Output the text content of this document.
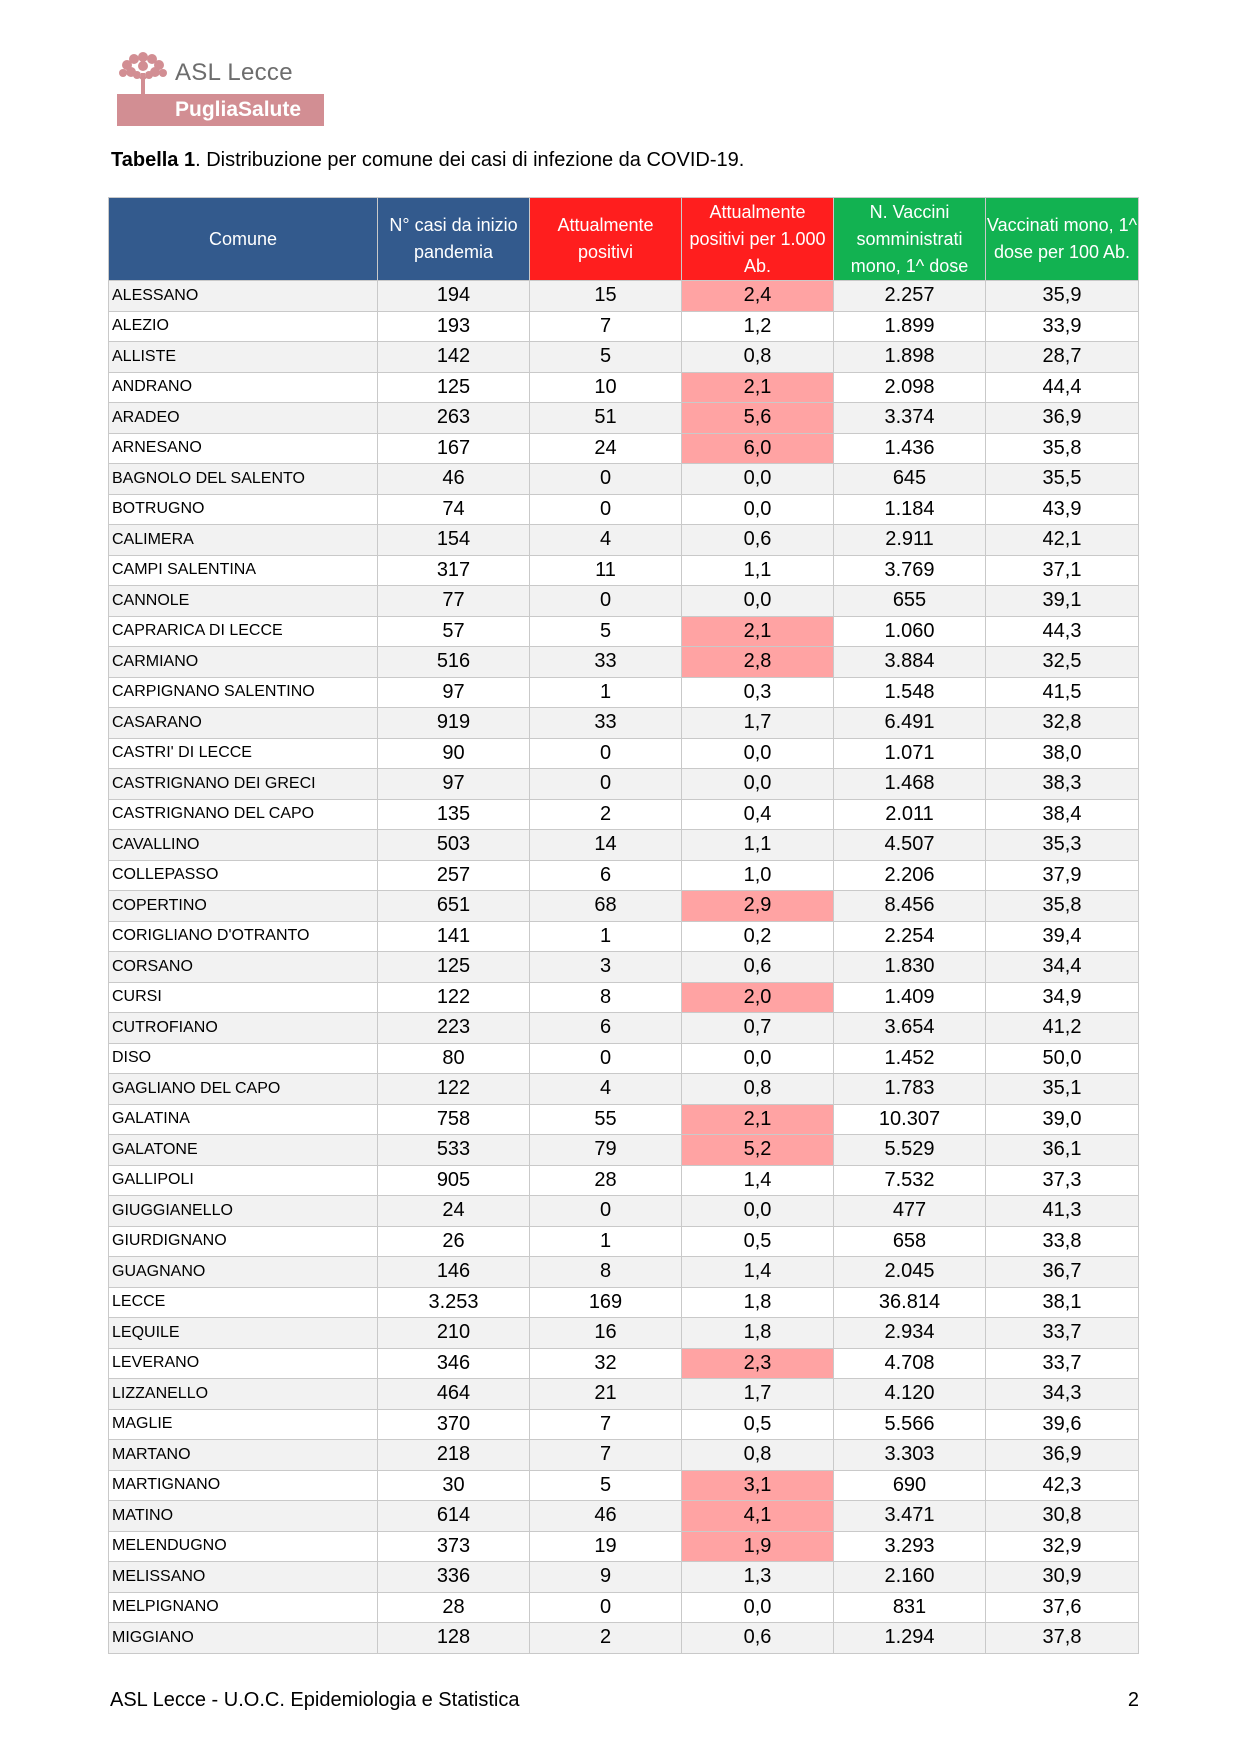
ASL Lecce
PugliaSalute
Tabella 1. Distribuzione per comune dei casi di infezione da COVID-19.
Comune	N° casi da inizio pandemia	Attualmente positivi	Attualmente positivi per 1.000 Ab.	N. Vaccini somministrati mono, 1^ dose	Vaccinati mono, 1^ dose per 100 Ab.
ALESSANO	194	15	2,4	2.257	35,9
ALEZIO	193	7	1,2	1.899	33,9
ALLISTE	142	5	0,8	1.898	28,7
ANDRANO	125	10	2,1	2.098	44,4
ARADEO	263	51	5,6	3.374	36,9
ARNESANO	167	24	6,0	1.436	35,8
BAGNOLO DEL SALENTO	46	0	0,0	645	35,5
BOTRUGNO	74	0	0,0	1.184	43,9
CALIMERA	154	4	0,6	2.911	42,1
CAMPI SALENTINA	317	11	1,1	3.769	37,1
CANNOLE	77	0	0,0	655	39,1
CAPRARICA DI LECCE	57	5	2,1	1.060	44,3
CARMIANO	516	33	2,8	3.884	32,5
CARPIGNANO SALENTINO	97	1	0,3	1.548	41,5
CASARANO	919	33	1,7	6.491	32,8
CASTRI' DI LECCE	90	0	0,0	1.071	38,0
CASTRIGNANO DEI GRECI	97	0	0,0	1.468	38,3
CASTRIGNANO DEL CAPO	135	2	0,4	2.011	38,4
CAVALLINO	503	14	1,1	4.507	35,3
COLLEPASSO	257	6	1,0	2.206	37,9
COPERTINO	651	68	2,9	8.456	35,8
CORIGLIANO D'OTRANTO	141	1	0,2	2.254	39,4
CORSANO	125	3	0,6	1.830	34,4
CURSI	122	8	2,0	1.409	34,9
CUTROFIANO	223	6	0,7	3.654	41,2
DISO	80	0	0,0	1.452	50,0
GAGLIANO DEL CAPO	122	4	0,8	1.783	35,1
GALATINA	758	55	2,1	10.307	39,0
GALATONE	533	79	5,2	5.529	36,1
GALLIPOLI	905	28	1,4	7.532	37,3
GIUGGIANELLO	24	0	0,0	477	41,3
GIURDIGNANO	26	1	0,5	658	33,8
GUAGNANO	146	8	1,4	2.045	36,7
LECCE	3.253	169	1,8	36.814	38,1
LEQUILE	210	16	1,8	2.934	33,7
LEVERANO	346	32	2,3	4.708	33,7
LIZZANELLO	464	21	1,7	4.120	34,3
MAGLIE	370	7	0,5	5.566	39,6
MARTANO	218	7	0,8	3.303	36,9
MARTIGNANO	30	5	3,1	690	42,3
MATINO	614	46	4,1	3.471	30,8
MELENDUGNO	373	19	1,9	3.293	32,9
MELISSANO	336	9	1,3	2.160	30,9
MELPIGNANO	28	0	0,0	831	37,6
MIGGIANO	128	2	0,6	1.294	37,8
ASL Lecce - U.O.C. Epidemiologia e Statistica	2
